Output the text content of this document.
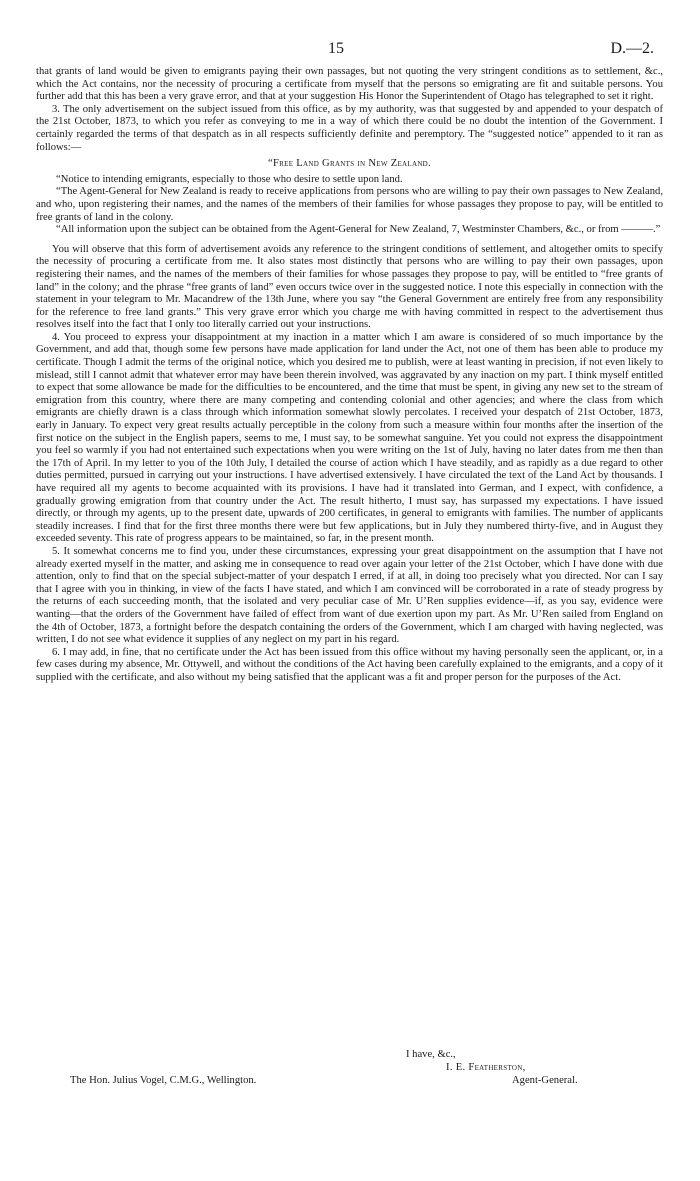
15	D.—2.

that grants of land would be given to emigrants paying their own passages, but not quoting the very stringent conditions as to settlement, &c., which the Act contains, nor the necessity of procuring a certificate from myself that the persons so emigrating are fit and suitable persons. You further add that this has been a very grave error, and that at your suggestion His Honor the Superintendent of Otago has telegraphed to set it right.

3. The only advertisement on the subject issued from this office, as by my authority, was that suggested by and appended to your despatch of the 21st October, 1873, to which you refer as conveying to me in a way of which there could be no doubt the intention of the Government. I certainly regarded the terms of that despatch as in all respects sufficiently definite and peremptory. The “suggested notice” appended to it ran as follows:—

“Free Land Grants in New Zealand.

“Notice to intending emigrants, especially to those who desire to settle upon land.

“The Agent-General for New Zealand is ready to receive applications from persons who are willing to pay their own passages to New Zealand, and who, upon registering their names, and the names of the members of their families for whose passages they propose to pay, will be entitled to free grants of land in the colony.

“All information upon the subject can be obtained from the Agent-General for New Zealand, 7, Westminster Chambers, &c., or from ———.”

You will observe that this form of advertisement avoids any reference to the stringent conditions of settlement, and altogether omits to specify the necessity of procuring a certificate from me. It also states most distinctly that persons who are willing to pay their own passages, upon registering their names, and the names of the members of their families for whose passages they propose to pay, will be entitled to “free grants of land” in the colony; and the phrase “free grants of land” even occurs twice over in the suggested notice. I note this especially in connection with the statement in your telegram to Mr. Macandrew of the 13th June, where you say “the General Government are entirely free from any responsibility for the reference to free land grants.” This very grave error which you charge me with having committed in respect to the advertisement thus resolves itself into the fact that I only too literally carried out your instructions.

4. You proceed to express your disappointment at my inaction in a matter which I am aware is considered of so much importance by the Government, and add that, though some few persons have made application for land under the Act, not one of them has been able to produce my certificate. Though I admit the terms of the original notice, which you desired me to publish, were at least wanting in precision, if not even likely to mislead, still I cannot admit that whatever error may have been therein involved, was aggravated by any inaction on my part. I think myself entitled to expect that some allowance be made for the difficulties to be encountered, and the time that must be spent, in giving any new set to the stream of emigration from this country, where there are many competing and contending colonial and other agencies; and where the class from which emigrants are chiefly drawn is a class through which information somewhat slowly percolates. I received your despatch of 21st October, 1873, early in January. To expect very great results actually perceptible in the colony from such a measure within four months after the insertion of the first notice on the subject in the English papers, seems to me, I must say, to be somewhat sanguine. Yet you could not express the disappointment you feel so warmly if you had not entertained such expectations when you were writing on the 1st of July, having no later dates from me then than the 17th of April. In my letter to you of the 10th July, I detailed the course of action which I have steadily, and as rapidly as a due regard to other duties permitted, pursued in carrying out your instructions. I have advertised extensively. I have circulated the text of the Land Act by thousands. I have required all my agents to become acquainted with its provisions. I have had it translated into German, and I expect, with confidence, a gradually growing emigration from that country under the Act. The result hitherto, I must say, has surpassed my expectations. I have issued directly, or through my agents, up to the present date, upwards of 200 certificates, in general to emigrants with families. The number of applicants steadily increases. I find that for the first three months there were but few applications, but in July they numbered thirty-five, and in August they exceeded seventy. This rate of progress appears to be maintained, so far, in the present month.

5. It somewhat concerns me to find you, under these circumstances, expressing your great disappointment on the assumption that I have not already exerted myself in the matter, and asking me in consequence to read over again your letter of the 21st October, which I have done with due attention, only to find that on the special subject-matter of your despatch I erred, if at all, in doing too precisely what you directed. Nor can I say that I agree with you in thinking, in view of the facts I have stated, and which I am convinced will be corroborated in a rate of steady progress by the returns of each succeeding month, that the isolated and very peculiar case of Mr. U’Ren supplies evidence—if, as you say, evidence were wanting—that the orders of the Government have failed of effect from want of due exertion upon my part. As Mr. U’Ren sailed from England on the 4th of October, 1873, a fortnight before the despatch containing the orders of the Government, which I am charged with having neglected, was written, I do not see what evidence it supplies of any neglect on my part in his regard.

6. I may add, in fine, that no certificate under the Act has been issued from this office without my having personally seen the applicant, or, in a few cases during my absence, Mr. Ottywell, and without the conditions of the Act having been carefully explained to the emigrants, and a copy of it supplied with the certificate, and also without my being satisfied that the applicant was a fit and proper person for the purposes of the Act.

I have, &c.,
I. E. Featherston,
The Hon. Julius Vogel, C.M.G., Wellington.	Agent-General.
